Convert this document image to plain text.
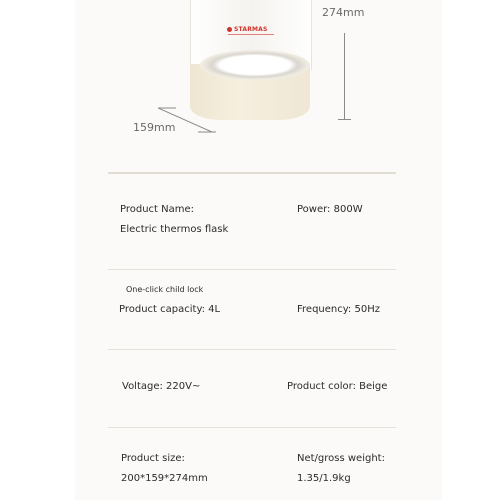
STARMAS
274mm
159mm
Product Name:
Electric thermos flask
Power: 800W
One-click child lock
Product capacity: 4L	Frequency: 50Hz
Voltage: 220V~	Product color: Beige
Product size:
200*159*274mm
Net/gross weight:
1.35/1.9kg
